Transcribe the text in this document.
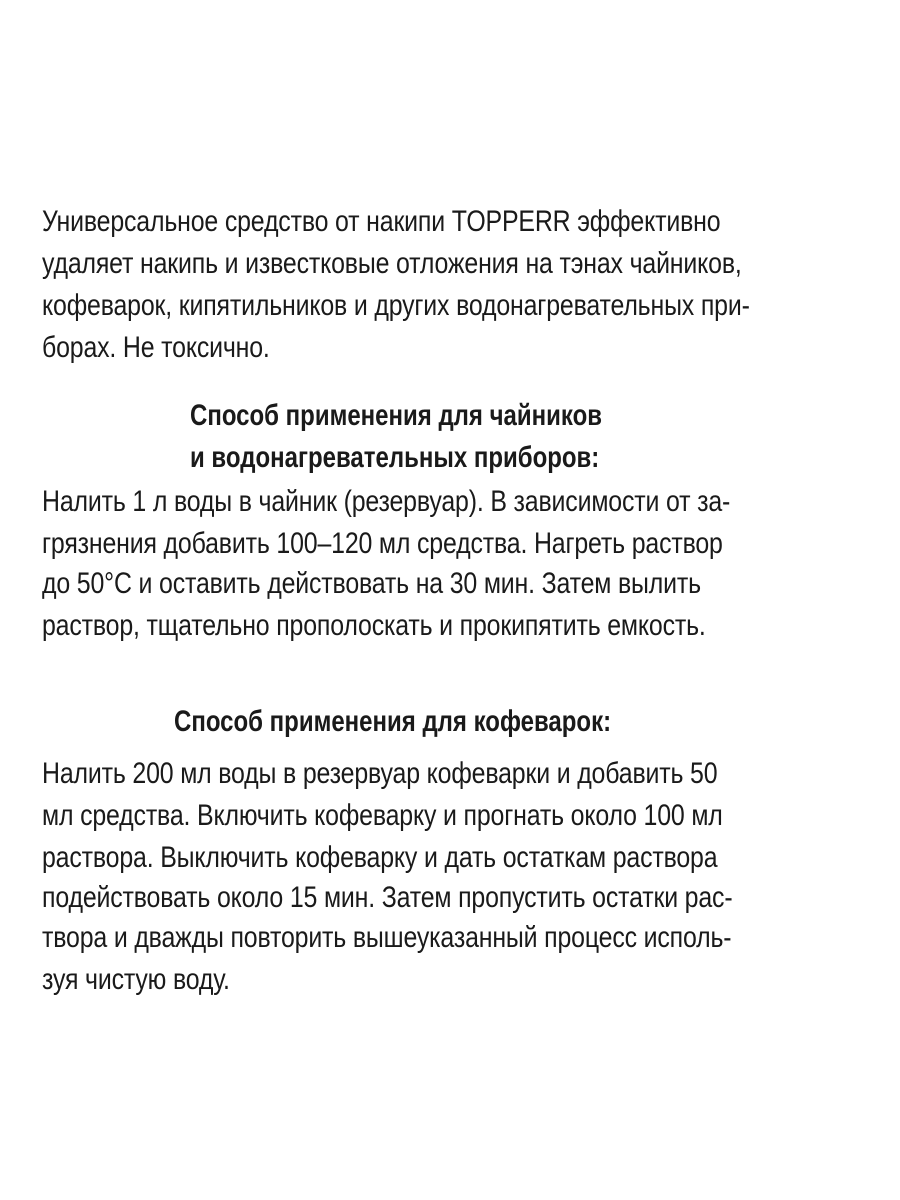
Универсальное средство от накипи TOPPERR эффективно
удаляет накипь и известковые отложения на тэнах чайников,
кофеварок, кипятильников и других водонагревательных при-
борах. Не токсично.
Способ применения для чайников
и водонагревательных приборов:
Налить 1 л воды в чайник (резервуар). В зависимости от за-
грязнения добавить 100–120 мл средства. Нагреть раствор
до 50°С и оставить действовать на 30 мин. Затем вылить
раствор, тщательно прополоскать и прокипятить емкость.
Способ применения для кофеварок:
Налить 200 мл воды в резервуар кофеварки и добавить 50
мл средства. Включить кофеварку и прогнать около 100 мл
раствора. Выключить кофеварку и дать остаткам раствора
подействовать около 15 мин. Затем пропустить остатки рас-
твора и дважды повторить вышеуказанный процесс исполь-
зуя чистую воду.
